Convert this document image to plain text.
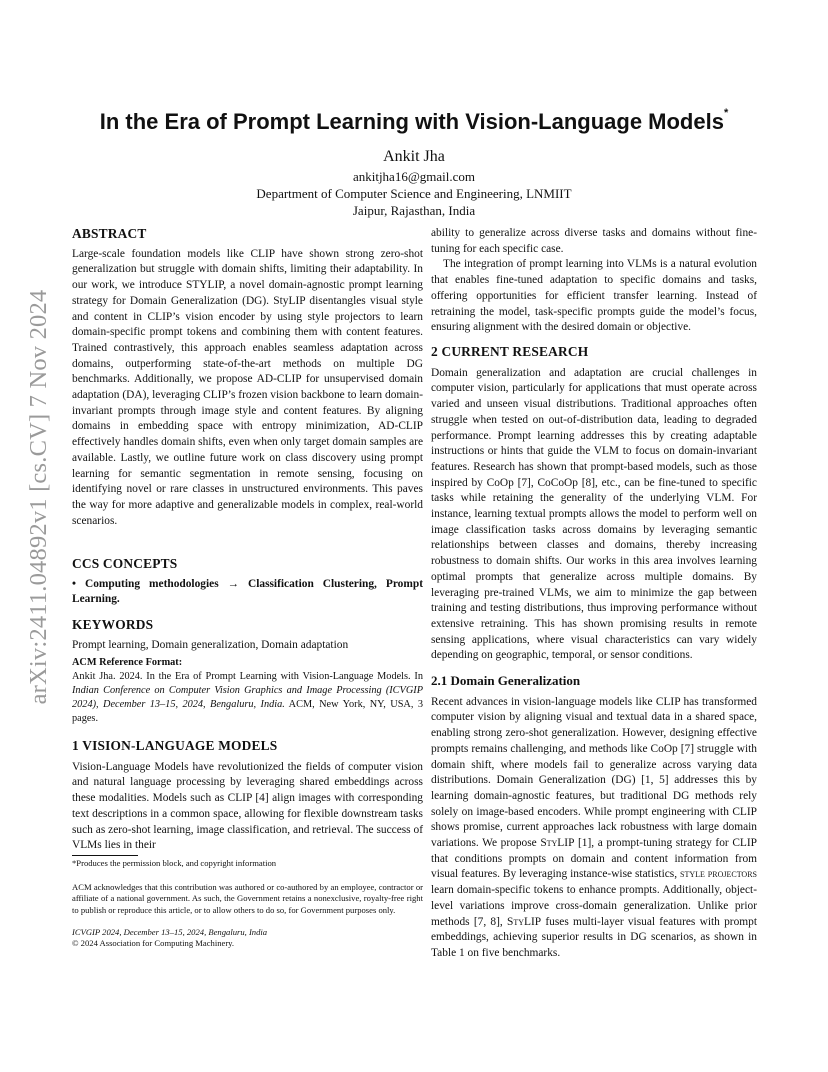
arXiv:2411.04892v1 [cs.CV] 7 Nov 2024
In the Era of Prompt Learning with Vision-Language Models*
Ankit Jha
ankitjha16@gmail.com
Department of Computer Science and Engineering, LNMIIT
Jaipur, Rajasthan, India
ABSTRACT

Large-scale foundation models like CLIP have shown strong zero-shot generalization but struggle with domain shifts, limiting their adaptability. In our work, we introduce STYLIP, a novel domain-agnostic prompt learning strategy for Domain Generalization (DG). StyLIP disentangles visual style and content in CLIP’s vision encoder by using style projectors to learn domain-specific prompt tokens and combining them with content features. Trained contrastively, this approach enables seamless adaptation across domains, outperforming state-of-the-art methods on multiple DG benchmarks. Additionally, we propose AD-CLIP for unsupervised domain adaptation (DA), leveraging CLIP’s frozen vision backbone to learn domain-invariant prompts through image style and content features. By aligning domains in embedding space with entropy minimization, AD-CLIP effectively handles domain shifts, even when only target domain samples are available. Lastly, we outline future work on class discovery using prompt learning for semantic segmentation in remote sensing, focusing on identifying novel or rare classes in unstructured environments. This paves the way for more adaptive and generalizable models in complex, real-world scenarios.

CCS CONCEPTS

• Computing methodologies → Classification Clustering, Prompt Learning.

KEYWORDS

Prompt learning, Domain generalization, Domain adaptation

ACM Reference Format:

Ankit Jha. 2024. In the Era of Prompt Learning with Vision-Language Models. In Indian Conference on Computer Vision Graphics and Image Processing (ICVGIP 2024), December 13–15, 2024, Bengaluru, India. ACM, New York, NY, USA, 3 pages.

1 VISION-LANGUAGE MODELS

Vision-Language Models have revolutionized the fields of computer vision and natural language processing by leveraging shared embeddings across these modalities. Models such as CLIP [4] align images with corresponding text descriptions in a common space, allowing for flexible downstream tasks such as zero-shot learning, image classification, and retrieval. The success of VLMs lies in their

*Produces the permission block, and copyright information
ACM acknowledges that this contribution was authored or co-authored by an employee, contractor or affiliate of a national government. As such, the Government retains a nonexclusive, royalty-free right to publish or reproduce this article, or to allow others to do so, for Government purposes only.
ICVGIP 2024, December 13–15, 2024, Bengaluru, India
© 2024 Association for Computing Machinery.

ability to generalize across diverse tasks and domains without fine-tuning for each specific case.

The integration of prompt learning into VLMs is a natural evolution that enables fine-tuned adaptation to specific domains and tasks, offering opportunities for efficient transfer learning. Instead of retraining the model, task-specific prompts guide the model’s focus, ensuring alignment with the desired domain or objective.

2 CURRENT RESEARCH

Domain generalization and adaptation are crucial challenges in computer vision, particularly for applications that must operate across varied and unseen visual distributions. Traditional approaches often struggle when tested on out-of-distribution data, leading to degraded performance. Prompt learning addresses this by creating adaptable instructions or hints that guide the VLM to focus on domain-invariant features. Research has shown that prompt-based models, such as those inspired by CoOp [7], CoCoOp [8], etc., can be fine-tuned to specific tasks while retaining the generality of the underlying VLM. For instance, learning textual prompts allows the model to perform well on image classification tasks across domains by leveraging semantic relationships between classes and domains, thereby increasing robustness to domain shifts. Our works in this area involves learning optimal prompts that generalize across multiple domains. By leveraging pre-trained VLMs, we aim to minimize the gap between training and testing distributions, thus improving performance without extensive retraining. This has shown promising results in remote sensing applications, where visual characteristics can vary widely depending on geographic, temporal, or sensor conditions.

2.1 Domain Generalization

Recent advances in vision-language models like CLIP has transformed computer vision by aligning visual and textual data in a shared space, enabling strong zero-shot generalization. However, designing effective prompts remains challenging, and methods like CoOp [7] struggle with domain shift, where models fail to generalize across varying data distributions. Domain Generalization (DG) [1, 5] addresses this by learning domain-agnostic features, but traditional DG methods rely solely on image-based encoders. While prompt engineering with CLIP shows promise, current approaches lack robustness with large domain variations. We propose StyLIP [1], a prompt-tuning strategy for CLIP that conditions prompts on domain and content information from visual features. By leveraging instance-wise statistics, style projectors learn domain-specific tokens to enhance prompts. Additionally, object-level variations improve cross-domain generalization. Unlike prior methods [7, 8], StyLIP fuses multi-layer visual features with prompt embeddings, achieving superior results in DG scenarios, as shown in Table 1 on five benchmarks.
